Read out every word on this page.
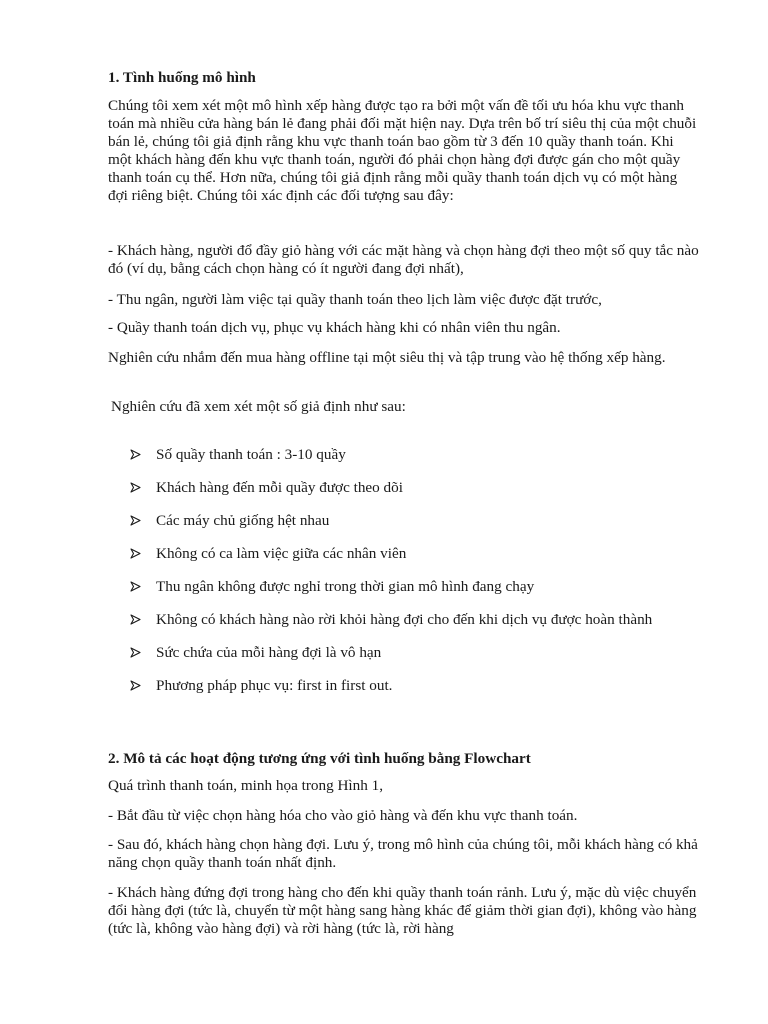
1. Tình huống mô hình

Chúng tôi xem xét một mô hình xếp hàng được tạo ra bởi một vấn đề tối ưu hóa khu vực thanh toán mà nhiều cửa hàng bán lẻ đang phải đối mặt hiện nay. Dựa trên bố trí siêu thị của một chuỗi bán lẻ, chúng tôi giả định rằng khu vực thanh toán bao gồm từ 3 đến 10 quầy thanh toán. Khi một khách hàng đến khu vực thanh toán, người đó phải chọn hàng đợi được gán cho một quầy thanh toán cụ thể. Hơn nữa, chúng tôi giả định rằng mỗi quầy thanh toán dịch vụ có một hàng đợi riêng biệt. Chúng tôi xác định các đối tượng sau đây:

- Khách hàng, người đổ đầy giỏ hàng với các mặt hàng và chọn hàng đợi theo một số quy tắc nào đó (ví dụ, bằng cách chọn hàng có ít người đang đợi nhất),

- Thu ngân, người làm việc tại quầy thanh toán theo lịch làm việc được đặt trước,

- Quầy thanh toán dịch vụ, phục vụ khách hàng khi có nhân viên thu ngân.

Nghiên cứu nhắm đến mua hàng offline tại một siêu thị và tập trung vào hệ thống xếp hàng.

Nghiên cứu đã xem xét một số giả định như sau:

Số quầy thanh toán : 3-10 quầy
Khách hàng đến mỗi quầy được theo dõi
Các máy chủ giống hệt nhau
Không có ca làm việc giữa các nhân viên
Thu ngân không được nghỉ trong thời gian mô hình đang chạy
Không có khách hàng nào rời khỏi hàng đợi cho đến khi dịch vụ được hoàn thành
Sức chứa của mỗi hàng đợi là vô hạn
Phương pháp phục vụ: first in first out.
2. Mô tả các hoạt động tương ứng với tình huống bằng Flowchart

Quá trình thanh toán, minh họa trong Hình 1,

- Bắt đầu từ việc chọn hàng hóa cho vào giỏ hàng và đến khu vực thanh toán.

- Sau đó, khách hàng chọn hàng đợi. Lưu ý, trong mô hình của chúng tôi, mỗi khách hàng có khả năng chọn quầy thanh toán nhất định.

- Khách hàng đứng đợi trong hàng cho đến khi quầy thanh toán rảnh. Lưu ý, mặc dù việc chuyển đổi hàng đợi (tức là, chuyển từ một hàng sang hàng khác để giảm thời gian đợi), không vào hàng (tức là, không vào hàng đợi) và rời hàng (tức là, rời hàng
